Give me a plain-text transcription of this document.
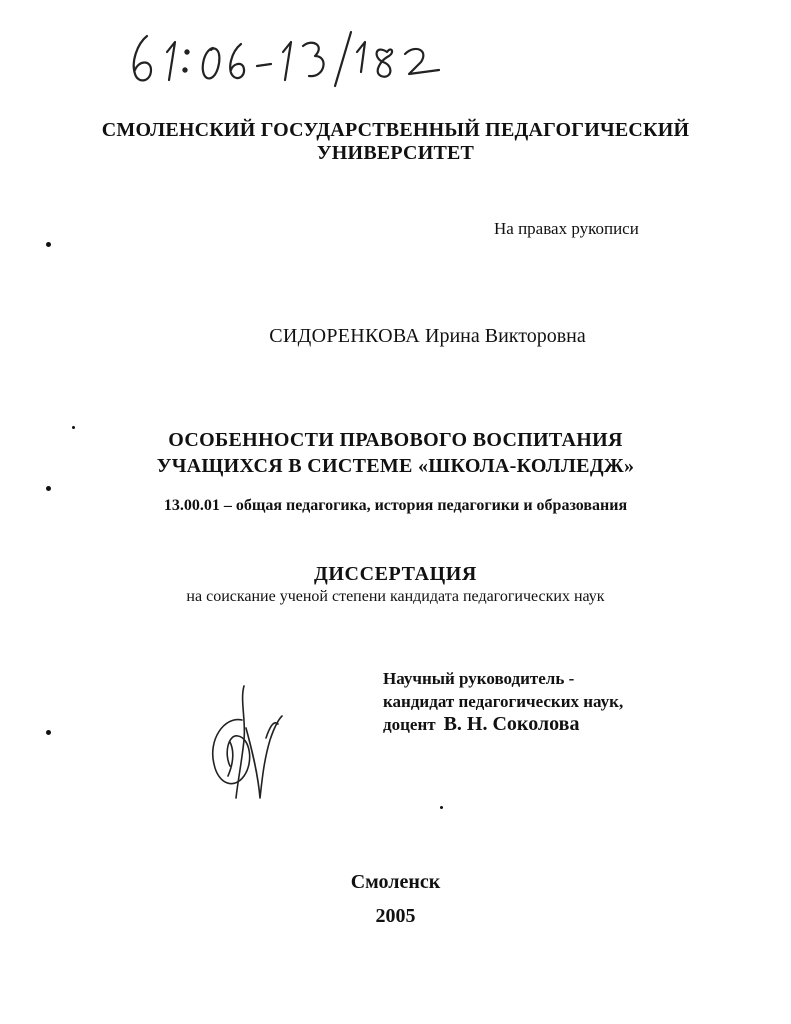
СМОЛЕНСКИЙ ГОСУДАРСТВЕННЫЙ ПЕДАГОГИЧЕСКИЙ
УНИВЕРСИТЕТ
На правах рукописи
СИДОРЕНКОВА Ирина Викторовна
ОСОБЕННОСТИ ПРАВОВОГО ВОСПИТАНИЯ
УЧАЩИХСЯ В СИСТЕМЕ «ШКОЛА-КОЛЛЕДЖ»
13.00.01 – общая педагогика, история педагогики и образования
ДИССЕРТАЦИЯ
на соискание ученой степени кандидата педагогических наук
Научный руководитель -
кандидат педагогических наук,
доцент В. Н. Соколова
Смоленск
2005
